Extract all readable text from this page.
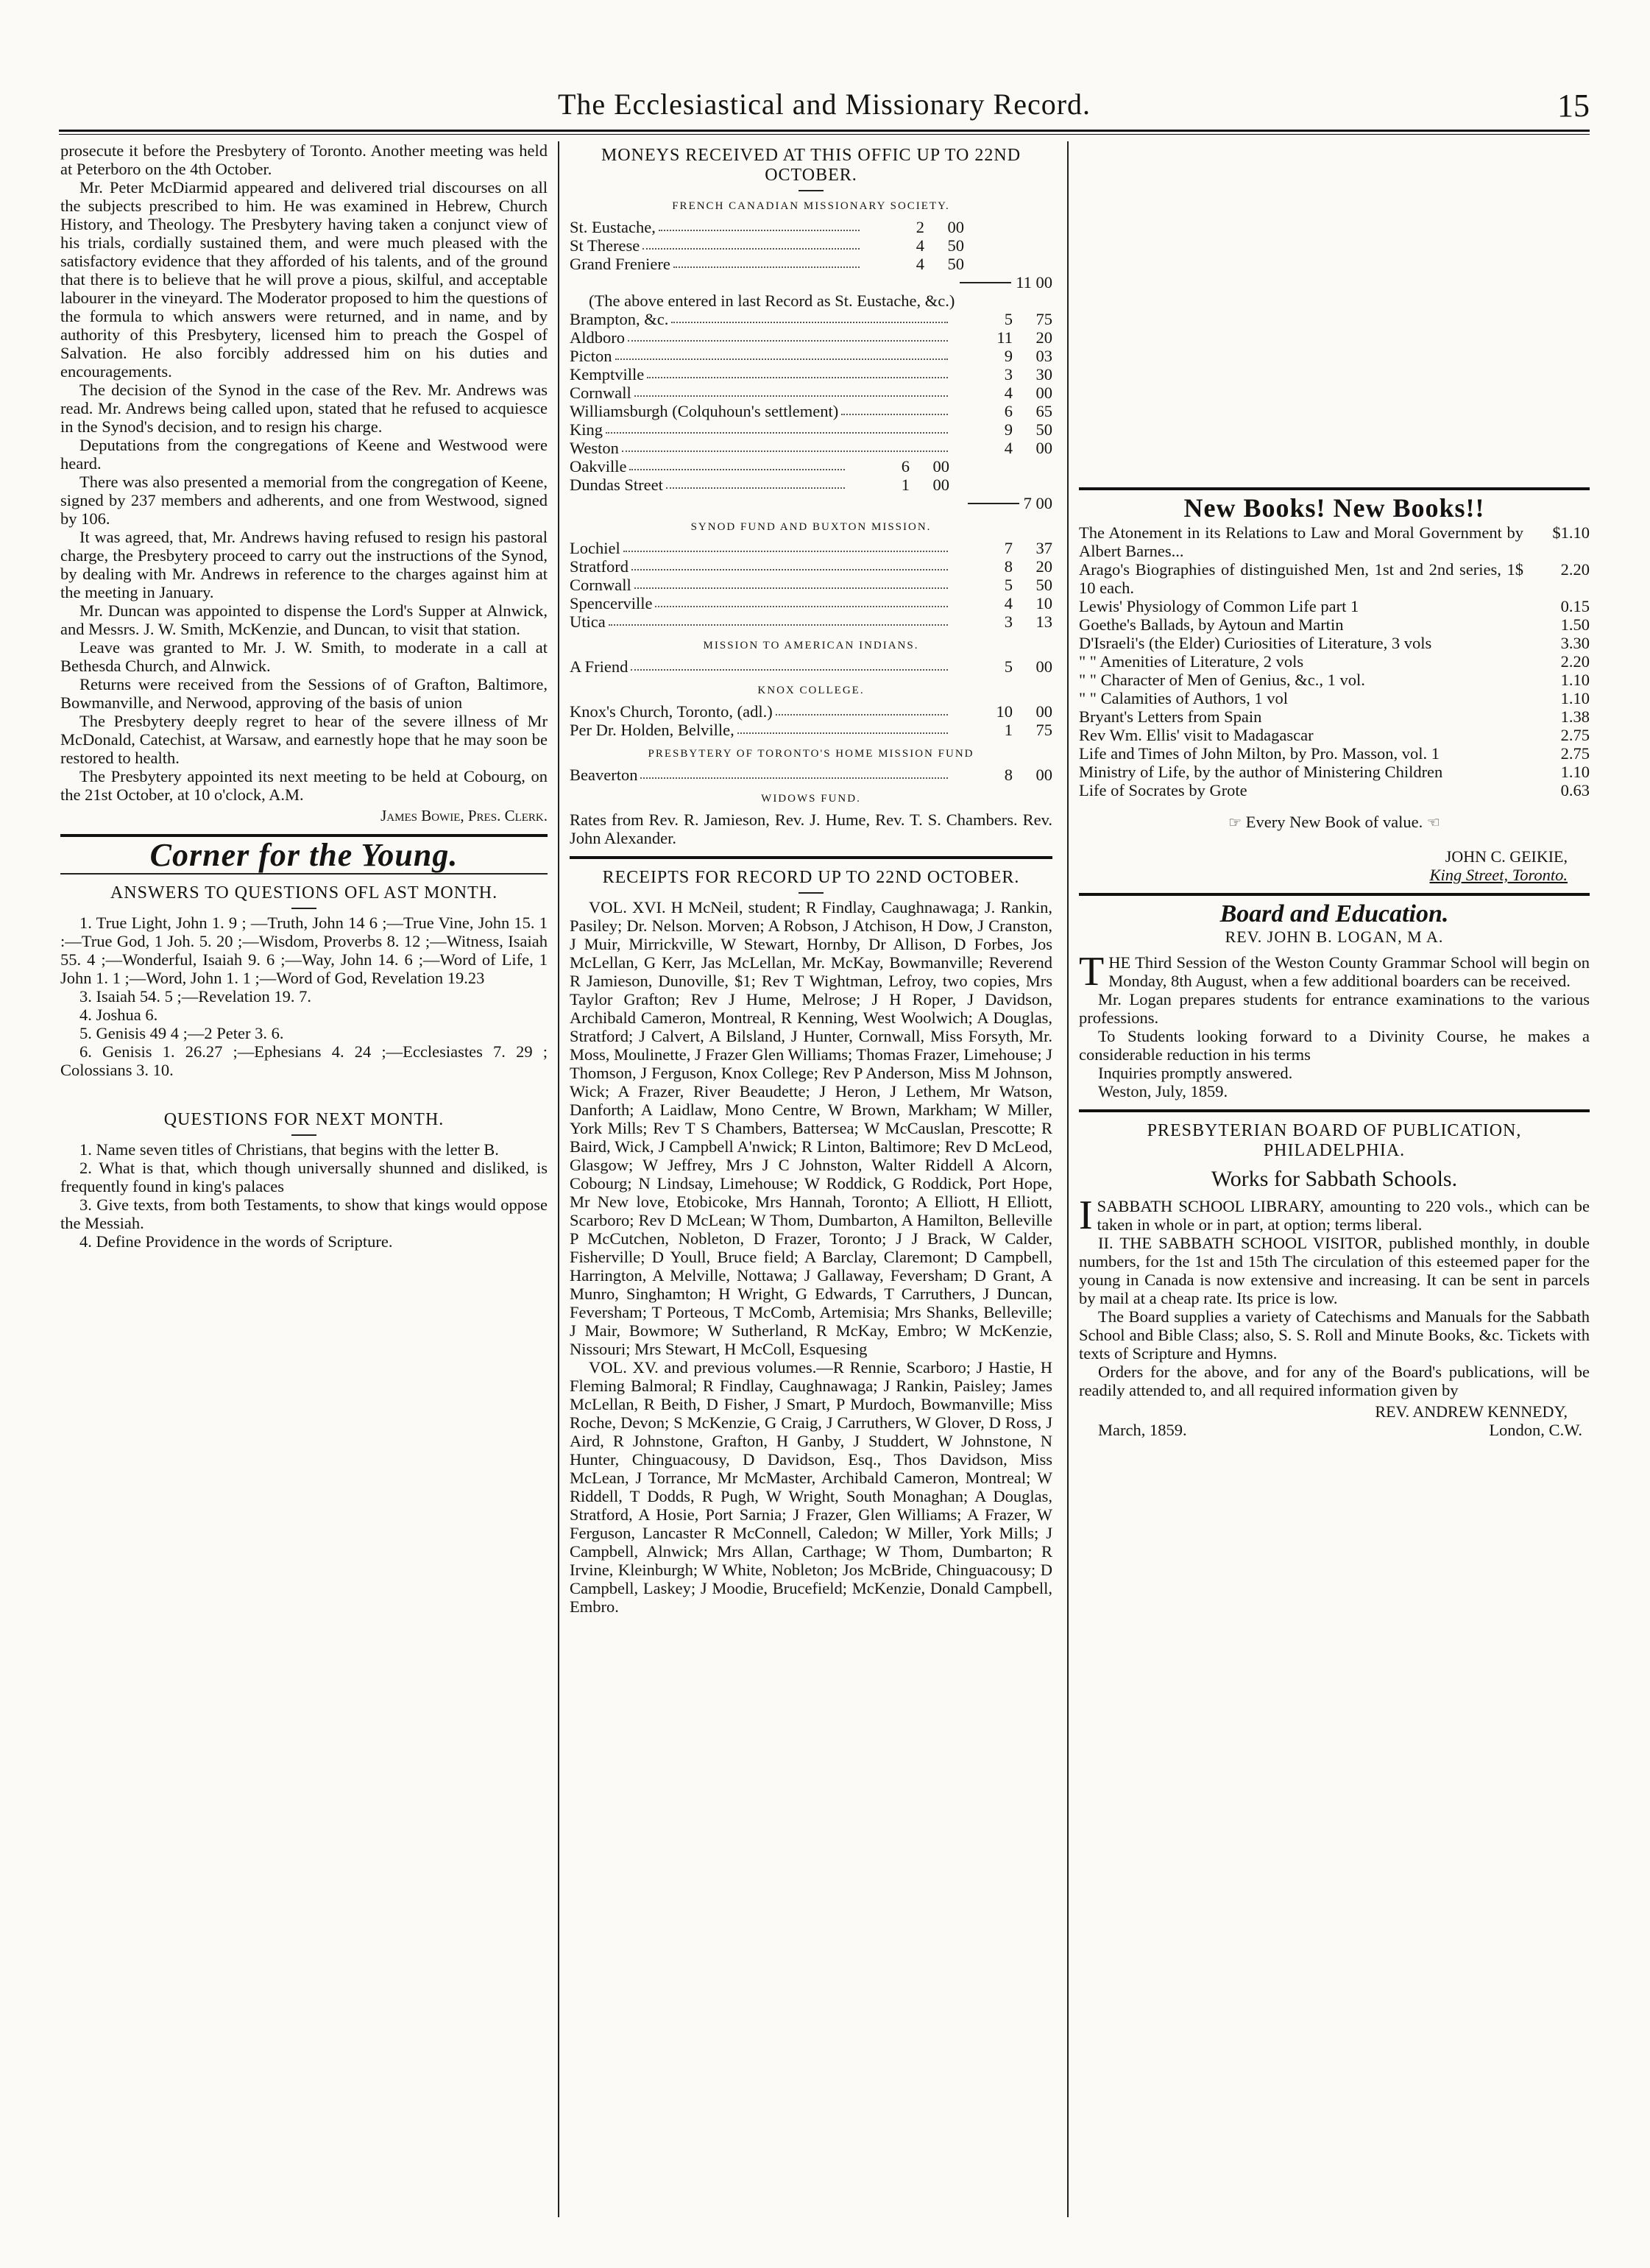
The Ecclesiastical and Missionary Record.	15

prosecute it before the Presbytery of Toronto. Another meeting was held at Peterboro on the 4th October.

Mr. Peter McDiarmid appeared and delivered trial discourses on all the subjects prescribed to him. He was examined in Hebrew, Church History, and Theology. The Presbytery having taken a conjunct view of his trials, cordially sustained them, and were much pleased with the satisfactory evidence that they afforded of his talents, and of the ground that there is to believe that he will prove a pious, skilful, and acceptable labourer in the vineyard. The Moderator proposed to him the questions of the formula to which answers were returned, and in name, and by authority of this Presbytery, licensed him to preach the Gospel of Salvation. He also forcibly addressed him on his duties and encouragements.

The decision of the Synod in the case of the Rev. Mr. Andrews was read. Mr. Andrews being called upon, stated that he refused to acquiesce in the Synod's decision, and to resign his charge.

Deputations from the congregations of Keene and Westwood were heard.

There was also presented a memorial from the congregation of Keene, signed by 237 members and adherents, and one from Westwood, signed by 106.

It was agreed, that, Mr. Andrews having refused to resign his pastoral charge, the Presbytery proceed to carry out the instructions of the Synod, by dealing with Mr. Andrews in reference to the charges against him at the meeting in January.

Mr. Duncan was appointed to dispense the Lord's Supper at Alnwick, and Messrs. J. W. Smith, McKenzie, and Duncan, to visit that station.

Leave was granted to Mr. J. W. Smith, to moderate in a call at Bethesda Church, and Alnwick.

Returns were received from the Sessions of of Grafton, Baltimore, Bowmanville, and Nerwood, approving of the basis of union

The Presbytery deeply regret to hear of the severe illness of Mr McDonald, Catechist, at Warsaw, and earnestly hope that he may soon be restored to health.

The Presbytery appointed its next meeting to be held at Cobourg, on the 21st October, at 10 o'clock, A.M.

James Bowie, Pres. Clerk.

Corner for the Young.
ANSWERS TO QUESTIONS OFL AST MONTH.

1. True Light, John 1. 9 ; —Truth, John 14 6 ;—True Vine, John 15. 1 :—True God, 1 Joh. 5. 20 ;—Wisdom, Proverbs 8. 12 ;—Witness, Isaiah 55. 4 ;—Wonderful, Isaiah 9. 6 ;—Way, John 14. 6 ;—Word of Life, 1 John 1. 1 ;—Word, John 1. 1 ;—Word of God, Revelation 19.23

3. Isaiah 54. 5 ;—Revelation 19. 7.

4. Joshua 6.

5. Genisis 49 4 ;—2 Peter 3. 6.

6. Genisis 1. 26.27 ;—Ephesians 4. 24 ;—Ecclesiastes 7. 29 ; Colossians 3. 10.

QUESTIONS FOR NEXT MONTH.

1. Name seven titles of Christians, that begins with the letter B.

2. What is that, which though universally shunned and disliked, is frequently found in king's palaces

3. Give texts, from both Testaments, to show that kings would oppose the Messiah.

4. Define Providence in the words of Scripture.

MONEYS RECEIVED AT THIS OFFIC UP TO 22ND OCTOBER.
FRENCH CANADIAN MISSIONARY SOCIETY.
St. Eustache,	2	00
St Therese	4	50
Grand Freniere	4	50
11 00

(The above entered in last Record as St. Eustache, &c.)

Brampton, &c.	5	75
Aldboro	11	20
Picton	9	03
Kemptville	3	30
Cornwall	4	00
Williamsburgh (Colquhoun's settlement)	6	65
King	9	50
Weston	4	00
Oakville	6	00
Dundas Street	1	00
7 00
SYNOD FUND AND BUXTON MISSION.
Lochiel	7	37
Stratford	8	20
Cornwall	5	50
Spencerville	4	10
Utica	3	13
MISSION TO AMERICAN INDIANS.
A Friend	5	00
KNOX COLLEGE.
Knox's Church, Toronto, (adl.)	10	00
Per Dr. Holden, Belville,	1	75
PRESBYTERY OF TORONTO'S HOME MISSION FUND
Beaverton	8	00
WIDOWS FUND.

Rates from Rev. R. Jamieson, Rev. J. Hume, Rev. T. S. Chambers. Rev. John Alexander.

RECEIPTS FOR RECORD UP TO 22ND OCTOBER.

VOL. XVI. H McNeil, student; R Findlay, Caughnawaga; J. Rankin, Pasiley; Dr. Nelson. Morven; A Robson, J Atchison, H Dow, J Cranston, J Muir, Mirrickville, W Stewart, Hornby, Dr Allison, D Forbes, Jos McLellan, G Kerr, Jas McLellan, Mr. McKay, Bowmanville; Reverend R Jamieson, Dunoville, $1; Rev T Wightman, Lefroy, two copies, Mrs Taylor Grafton; Rev J Hume, Melrose; J H Roper, J Davidson, Archibald Cameron, Montreal, R Kenning, West Woolwich; A Douglas, Stratford; J Calvert, A Bilsland, J Hunter, Cornwall, Miss Forsyth, Mr. Moss, Moulinette, J Frazer Glen Williams; Thomas Frazer, Limehouse; J Thomson, J Ferguson, Knox College; Rev P Anderson, Miss M Johnson, Wick; A Frazer, River Beaudette; J Heron, J Lethem, Mr Watson, Danforth; A Laidlaw, Mono Centre, W Brown, Markham; W Miller, York Mills; Rev T S Chambers, Battersea; W McCauslan, Prescotte; R Baird, Wick, J Campbell A'nwick; R Linton, Baltimore; Rev D McLeod, Glasgow; W Jeffrey, Mrs J C Johnston, Walter Riddell A Alcorn, Cobourg; N Lindsay, Limehouse; W Roddick, G Roddick, Port Hope, Mr New love, Etobicoke, Mrs Hannah, Toronto; A Elliott, H Elliott, Scarboro; Rev D McLean; W Thom, Dumbarton, A Hamilton, Belleville P McCutchen, Nobleton, D Frazer, Toronto; J J Brack, W Calder, Fisherville; D Youll, Bruce field; A Barclay, Claremont; D Campbell, Harrington, A Melville, Nottawa; J Gallaway, Feversham; D Grant, A Munro, Singhamton; H Wright, G Edwards, T Carruthers, J Duncan, Feversham; T Porteous, T McComb, Artemisia; Mrs Shanks, Belleville; J Mair, Bowmore; W Sutherland, R McKay, Embro; W McKenzie, Nissouri; Mrs Stewart, H McColl, Esquesing

VOL. XV. and previous volumes.—R Rennie, Scarboro; J Hastie, H Fleming Balmoral; R Findlay, Caughnawaga; J Rankin, Paisley; James McLellan, R Beith, D Fisher, J Smart, P Murdoch, Bowmanville; Miss Roche, Devon; S McKenzie, G Craig, J Carruthers, W Glover, D Ross, J Aird, R Johnstone, Grafton, H Ganby, J Studdert, W Johnstone, N Hunter, Chinguacousy, D Davidson, Esq., Thos Davidson, Miss McLean, J Torrance, Mr McMaster, Archibald Cameron, Montreal; W Riddell, T Dodds, R Pugh, W Wright, South Monaghan; A Douglas, Stratford, A Hosie, Port Sarnia; J Frazer, Glen Williams; A Frazer, W Ferguson, Lancaster R McConnell, Caledon; W Miller, York Mills; J Campbell, Alnwick; Mrs Allan, Carthage; W Thom, Dumbarton; R Irvine, Kleinburgh; W White, Nobleton; Jos McBride, Chinguacousy; D Campbell, Laskey; J Moodie, Brucefield; McKenzie, Donald Campbell, Embro.

New Books! New Books!!
The Atonement in its Relations to Law and Moral Government by Albert Barnes...
$1.10
Arago's Biographies of distinguished Men, 1st and 2nd series, 1$ 10 each.
2.20
Lewis' Physiology of Common Life part 1	0.15
Goethe's Ballads, by Aytoun and Martin	1.50
D'Israeli's (the Elder) Curiosities of Literature, 3 vols	3.30
" " Amenities of Literature, 2 vols	2.20
" " Character of Men of Genius, &c., 1 vol.	1.10
" " Calamities of Authors, 1 vol	1.10
Bryant's Letters from Spain	1.38
Rev Wm. Ellis' visit to Madagascar	2.75
Life and Times of John Milton, by Pro. Masson, vol. 1	2.75
Ministry of Life, by the author of Ministering Children	1.10
Life of Socrates by Grote	0.63
☞ Every New Book of value. ☜
JOHN C. GEIKIE,
King Street, Toronto.
Board and Education.
REV. JOHN B. LOGAN, M A.

THE Third Session of the Weston County Grammar School will begin on Monday, 8th August, when a few additional boarders can be received.

Mr. Logan prepares students for entrance examinations to the various professions.

To Students looking forward to a Divinity Course, he makes a considerable reduction in his terms

Inquiries promptly answered.

Weston, July, 1859.

PRESBYTERIAN BOARD OF PUBLICATION, PHILADELPHIA.
Works for Sabbath Schools.

ISABBATH SCHOOL LIBRARY, amounting to 220 vols., which can be taken in whole or in part, at option; terms liberal.

II. THE SABBATH SCHOOL VISITOR, published monthly, in double numbers, for the 1st and 15th The circulation of this esteemed paper for the young in Canada is now extensive and increasing. It can be sent in parcels by mail at a cheap rate. Its price is low.

The Board supplies a variety of Catechisms and Manuals for the Sabbath School and Bible Class; also, S. S. Roll and Minute Books, &c. Tickets with texts of Scripture and Hymns.

Orders for the above, and for any of the Board's publications, will be readily attended to, and all required information given by

REV. ANDREW KENNEDY,
March, 1859.	London, C.W.
